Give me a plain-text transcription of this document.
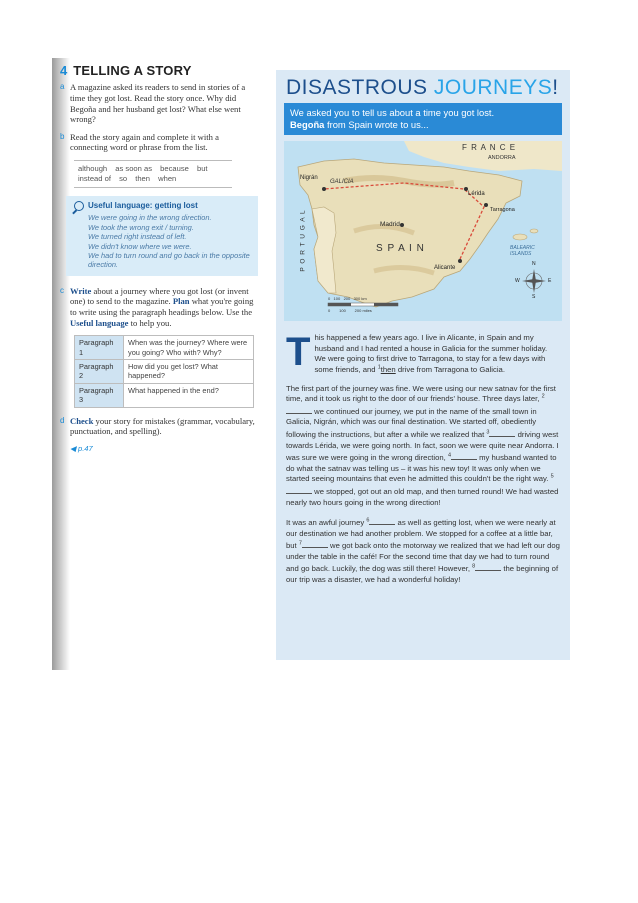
4 TELLING A STORY
a A magazine asked its readers to send in stories of a time they got lost. Read the story once. Why did Begoña and her husband get lost? What else went wrong?
b Read the story again and complete it with a connecting word or phrase from the list.
although as soon as because but
instead of so then when
Useful language: getting lost
We were going in the wrong direction.
We took the wrong exit / turning.
We turned right instead of left.
We didn't know where we were.
We had to turn round and go back in the opposite direction.
c Write about a journey where you got lost (or invent one) to send to the magazine. Plan what you're going to write using the paragraph headings below. Use the Useful language to help you.
Paragraph 1	When was the journey? Where were you going? Who with? Why?
Paragraph 2	How did you get lost? What happened?
Paragraph 3	What happened in the end?
d Check your story for mistakes (grammar, vocabulary, punctuation, and spelling).
◀ p.47
DISASTROUS JOURNEYS!
We asked you to tell us about a time you got lost.
Begoña from Spain wrote to us...
F R A N C E
ANDORRA
Nigrán
GALICIA
Lérida
Tarragona
Madrid
P O R T U G A L	S P A I N	BALEARIC ISLANDS
Alicante
N
S
W	E
0   100   200   300 km
0        100        200 miles

This happened a few years ago. I live in Alicante, in Spain and my husband and I had rented a house in Galicia for the summer holiday. We were going to first drive to Tarragona, to stay for a few days with some friends, and $^1$then drive from Tarragona to Galicia.

The first part of the journey was fine. We were using our new satnav for the first time, and it took us right to the door of our friends' house. Three days later, $^2$ we continued our journey, we put in the name of the small town in Galicia, Nigrán, which was our final destination. We started off, obediently following the instructions, but after a while we realized that $^3$	driving west towards Lérida, we were going north. In fact, soon we were quite near Andorra. I was sure we were going in the wrong direction, $^4$	my husband wanted to do what the satnav was telling us – it was his new toy! It was only when we started seeing mountains that even he admitted this couldn't be the right way. $^5$ we stopped, got out an old map, and then turned round! We had wasted nearly two hours going in the wrong direction!

It was an awful journey $^6$	as well as getting lost, when we were nearly at our destination we had another problem. We stopped for a coffee at a little bar, but $^7$	we got back onto the motorway we realized that we had left our dog under the table in the café! For the second time that day we had to turn round and go back. Luckily, the dog was still there! However, $^8$	the beginning of our trip was a disaster, we had a wonderful holiday!
